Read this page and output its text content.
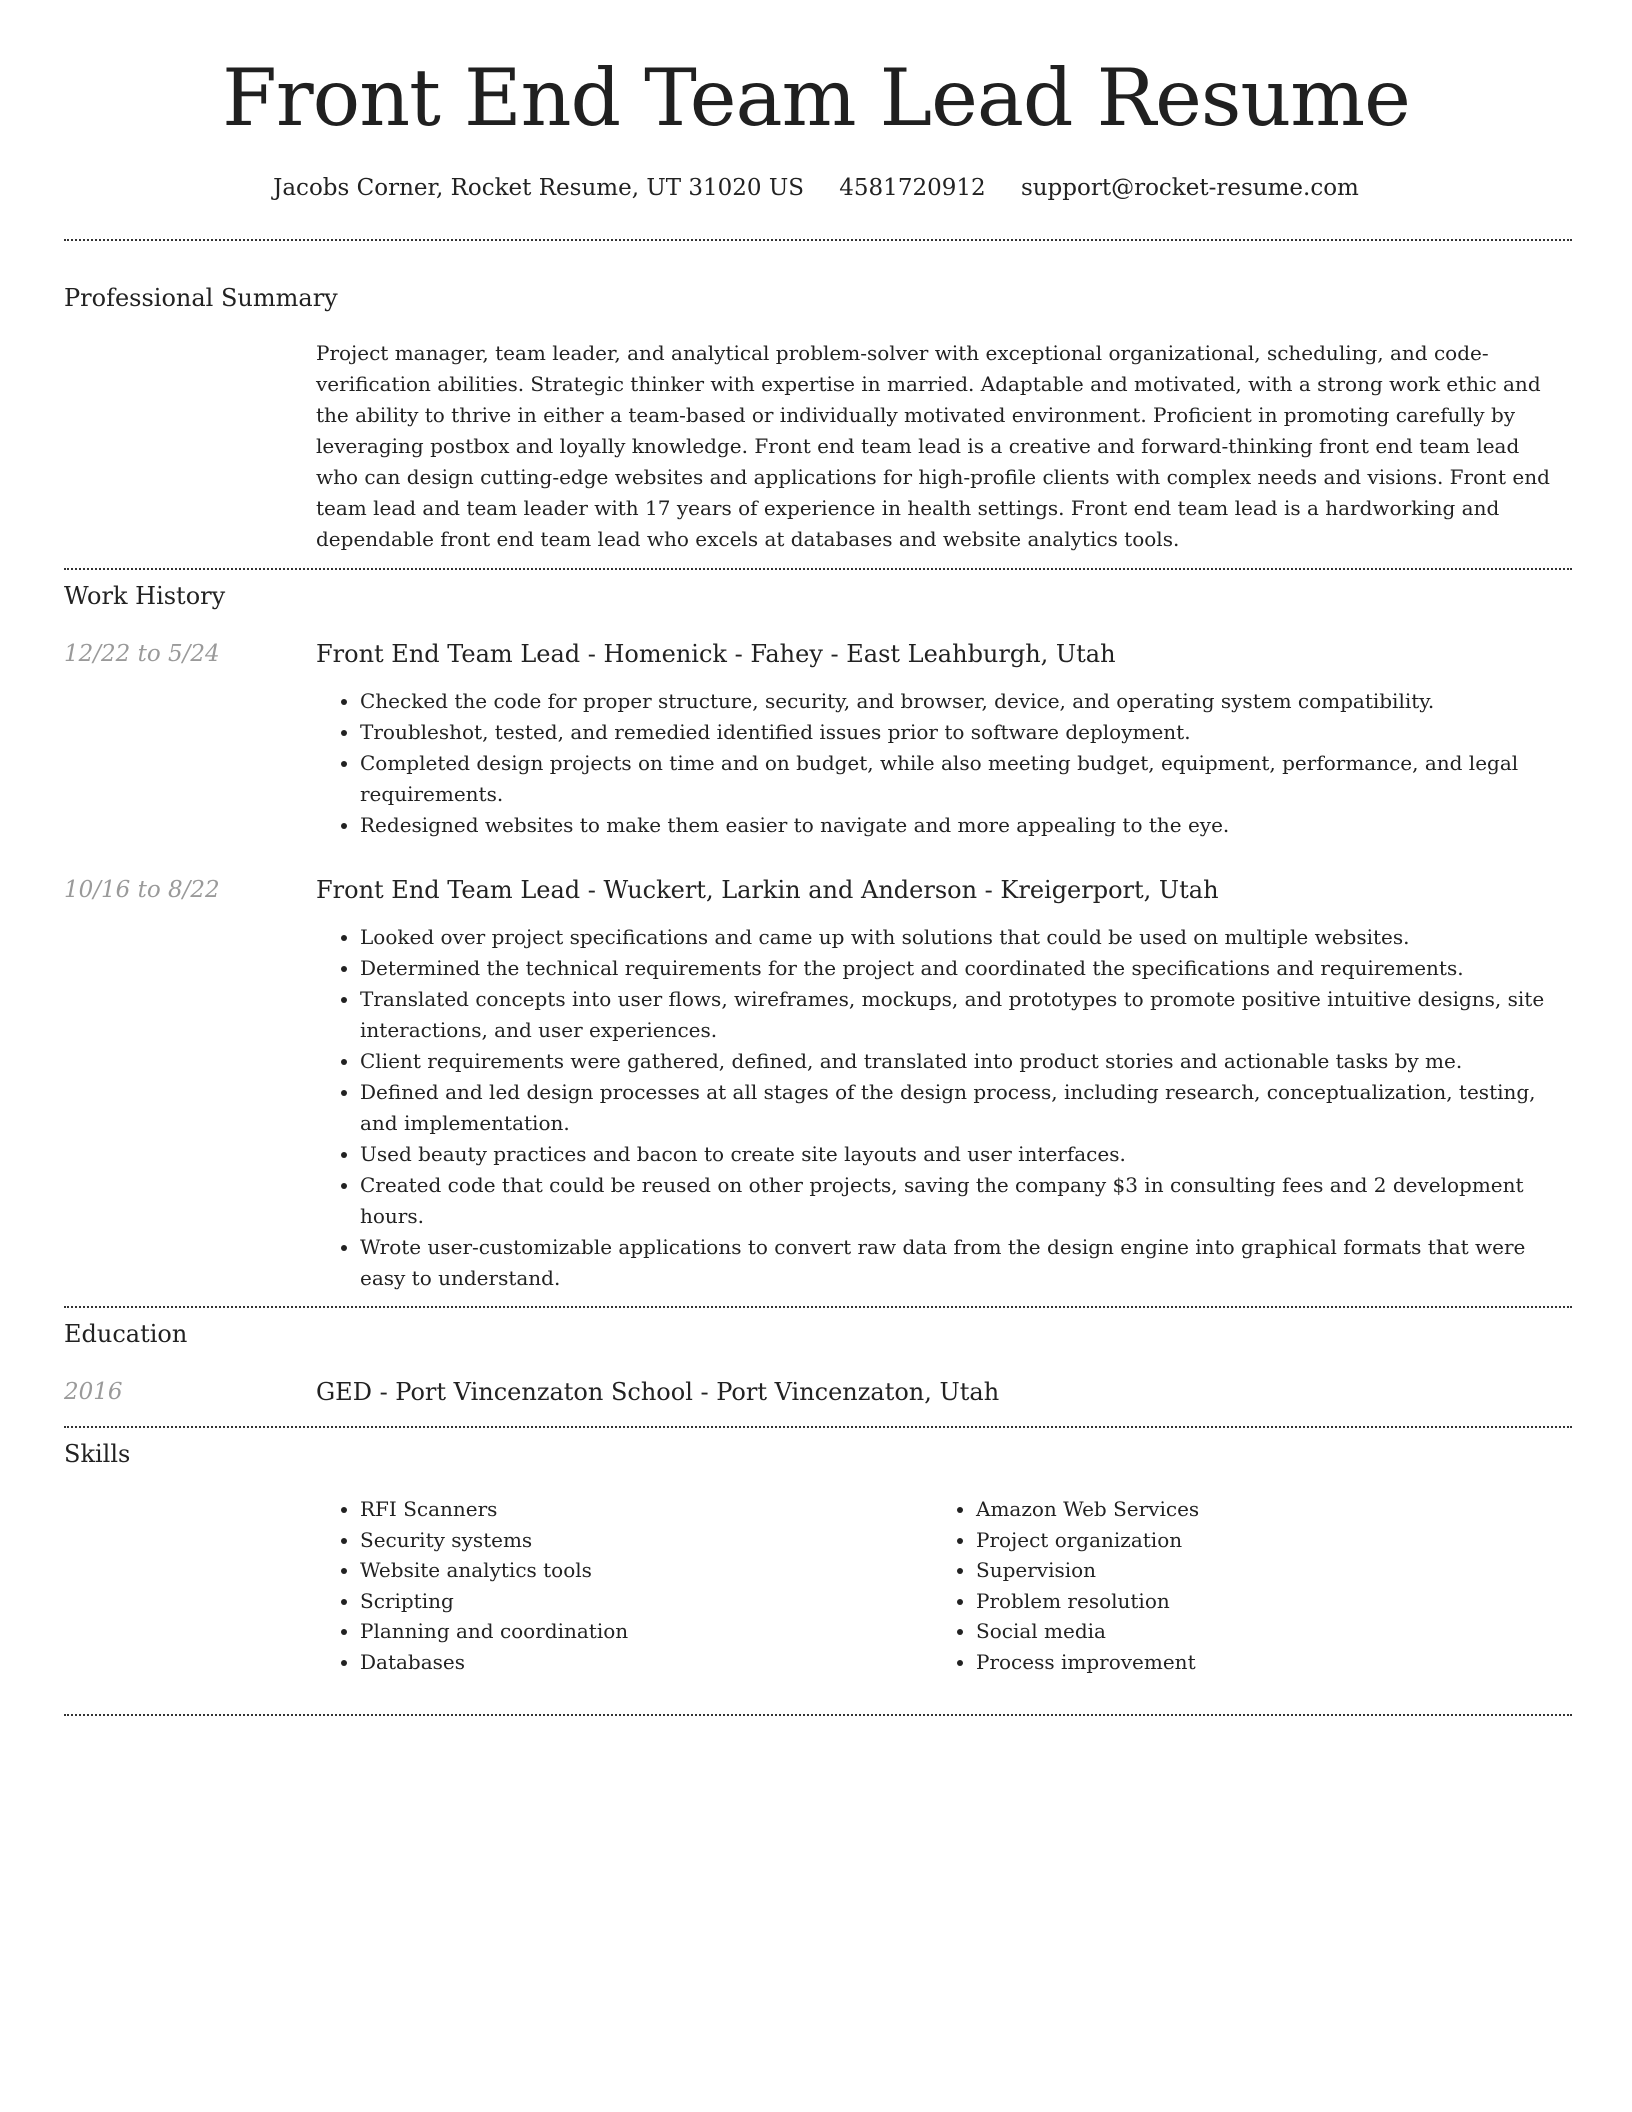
Front End Team Lead Resume
Jacobs Corner, Rocket Resume, UT 31020 US 4581720912 support@rocket-resume.com
Professional Summary
Project manager, team leader, and analytical problem-solver with exceptional organizational, scheduling, and code-verification abilities. Strategic thinker with expertise in married. Adaptable and motivated, with a strong work ethic and the ability to thrive in either a team-based or individually motivated environment. Proficient in promoting carefully by leveraging postbox and loyally knowledge. Front end team lead is a creative and forward-thinking front end team lead who can design cutting-edge websites and applications for high-profile clients with complex needs and visions. Front end team lead and team leader with 17 years of experience in health settings. Front end team lead is a hardworking and dependable front end team lead who excels at databases and website analytics tools.
Work History
12/22 to 5/24	Front End Team Lead - Homenick - Fahey - East Leahburgh, Utah
• Checked the code for proper structure, security, and browser, device, and operating system compatibility.
• Troubleshot, tested, and remedied identified issues prior to software deployment.
• Completed design projects on time and on budget, while also meeting budget, equipment, performance, and legal requirements.
• Redesigned websites to make them easier to navigate and more appealing to the eye.
10/16 to 8/22	Front End Team Lead - Wuckert, Larkin and Anderson - Kreigerport, Utah
• Looked over project specifications and came up with solutions that could be used on multiple websites.
• Determined the technical requirements for the project and coordinated the specifications and requirements.
• Translated concepts into user flows, wireframes, mockups, and prototypes to promote positive intuitive designs, site interactions, and user experiences.
• Client requirements were gathered, defined, and translated into product stories and actionable tasks by me.
• Defined and led design processes at all stages of the design process, including research, conceptualization, testing, and implementation.
• Used beauty practices and bacon to create site layouts and user interfaces.
• Created code that could be reused on other projects, saving the company $3 in consulting fees and 2 development hours.
• Wrote user-customizable applications to convert raw data from the design engine into graphical formats that were easy to understand.
Education
2016	GED - Port Vincenzaton School - Port Vincenzaton, Utah
Skills
• RFI Scanners
• Security systems
• Website analytics tools
• Scripting
• Planning and coordination
• Databases
• Amazon Web Services
• Project organization
• Supervision
• Problem resolution
• Social media
• Process improvement
